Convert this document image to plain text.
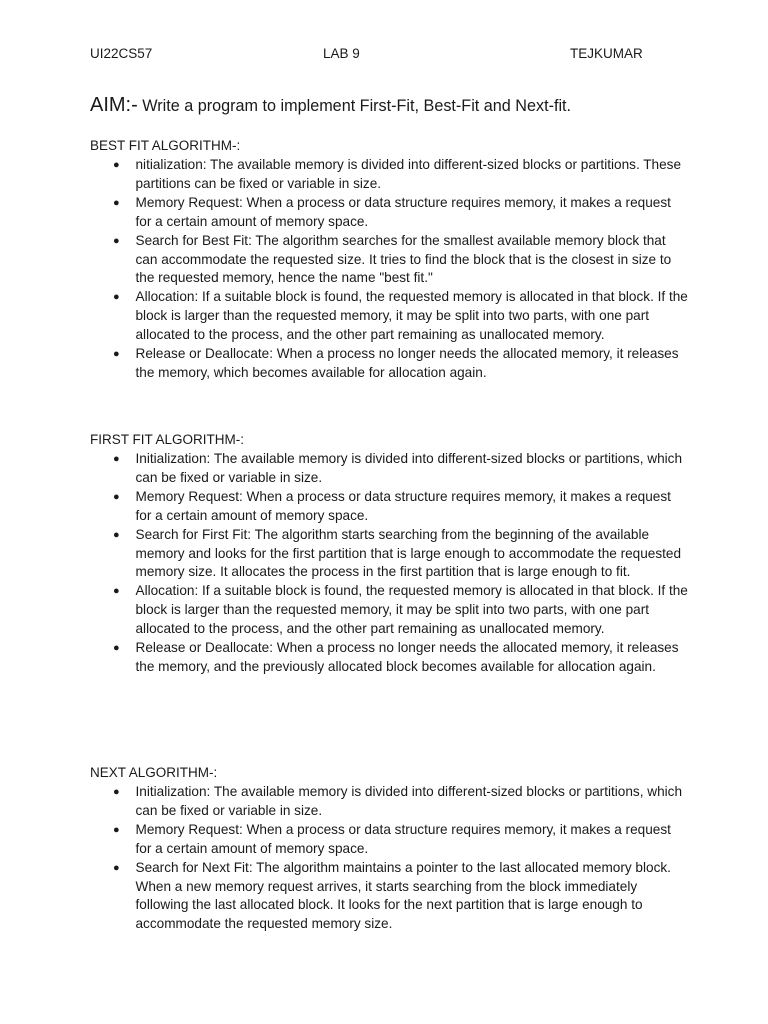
UI22CS57	LAB 9	TEJKUMAR
AIM:- Write a program to implement First-Fit, Best-Fit and Next-fit.
BEST FIT ALGORITHM-:
● nitialization: The available memory is divided into different-sized blocks or partitions. These partitions can be fixed or variable in size.
● Memory Request: When a process or data structure requires memory, it makes a request for a certain amount of memory space.
● Search for Best Fit: The algorithm searches for the smallest available memory block that can accommodate the requested size. It tries to find the block that is the closest in size to the requested memory, hence the name "best fit."
● Allocation: If a suitable block is found, the requested memory is allocated in that block. If the block is larger than the requested memory, it may be split into two parts, with one part allocated to the process, and the other part remaining as unallocated memory.
● Release or Deallocate: When a process no longer needs the allocated memory, it releases the memory, which becomes available for allocation again.
FIRST FIT ALGORITHM-:
● Initialization: The available memory is divided into different-sized blocks or partitions, which can be fixed or variable in size.
● Memory Request: When a process or data structure requires memory, it makes a request for a certain amount of memory space.
● Search for First Fit: The algorithm starts searching from the beginning of the available memory and looks for the first partition that is large enough to accommodate the requested memory size. It allocates the process in the first partition that is large enough to fit.
● Allocation: If a suitable block is found, the requested memory is allocated in that block. If the block is larger than the requested memory, it may be split into two parts, with one part allocated to the process, and the other part remaining as unallocated memory.
● Release or Deallocate: When a process no longer needs the allocated memory, it releases the memory, and the previously allocated block becomes available for allocation again.
NEXT ALGORITHM-:
● Initialization: The available memory is divided into different-sized blocks or partitions, which can be fixed or variable in size.
● Memory Request: When a process or data structure requires memory, it makes a request for a certain amount of memory space.
● Search for Next Fit: The algorithm maintains a pointer to the last allocated memory block. When a new memory request arrives, it starts searching from the block immediately following the last allocated block. It looks for the next partition that is large enough to accommodate the requested memory size.
